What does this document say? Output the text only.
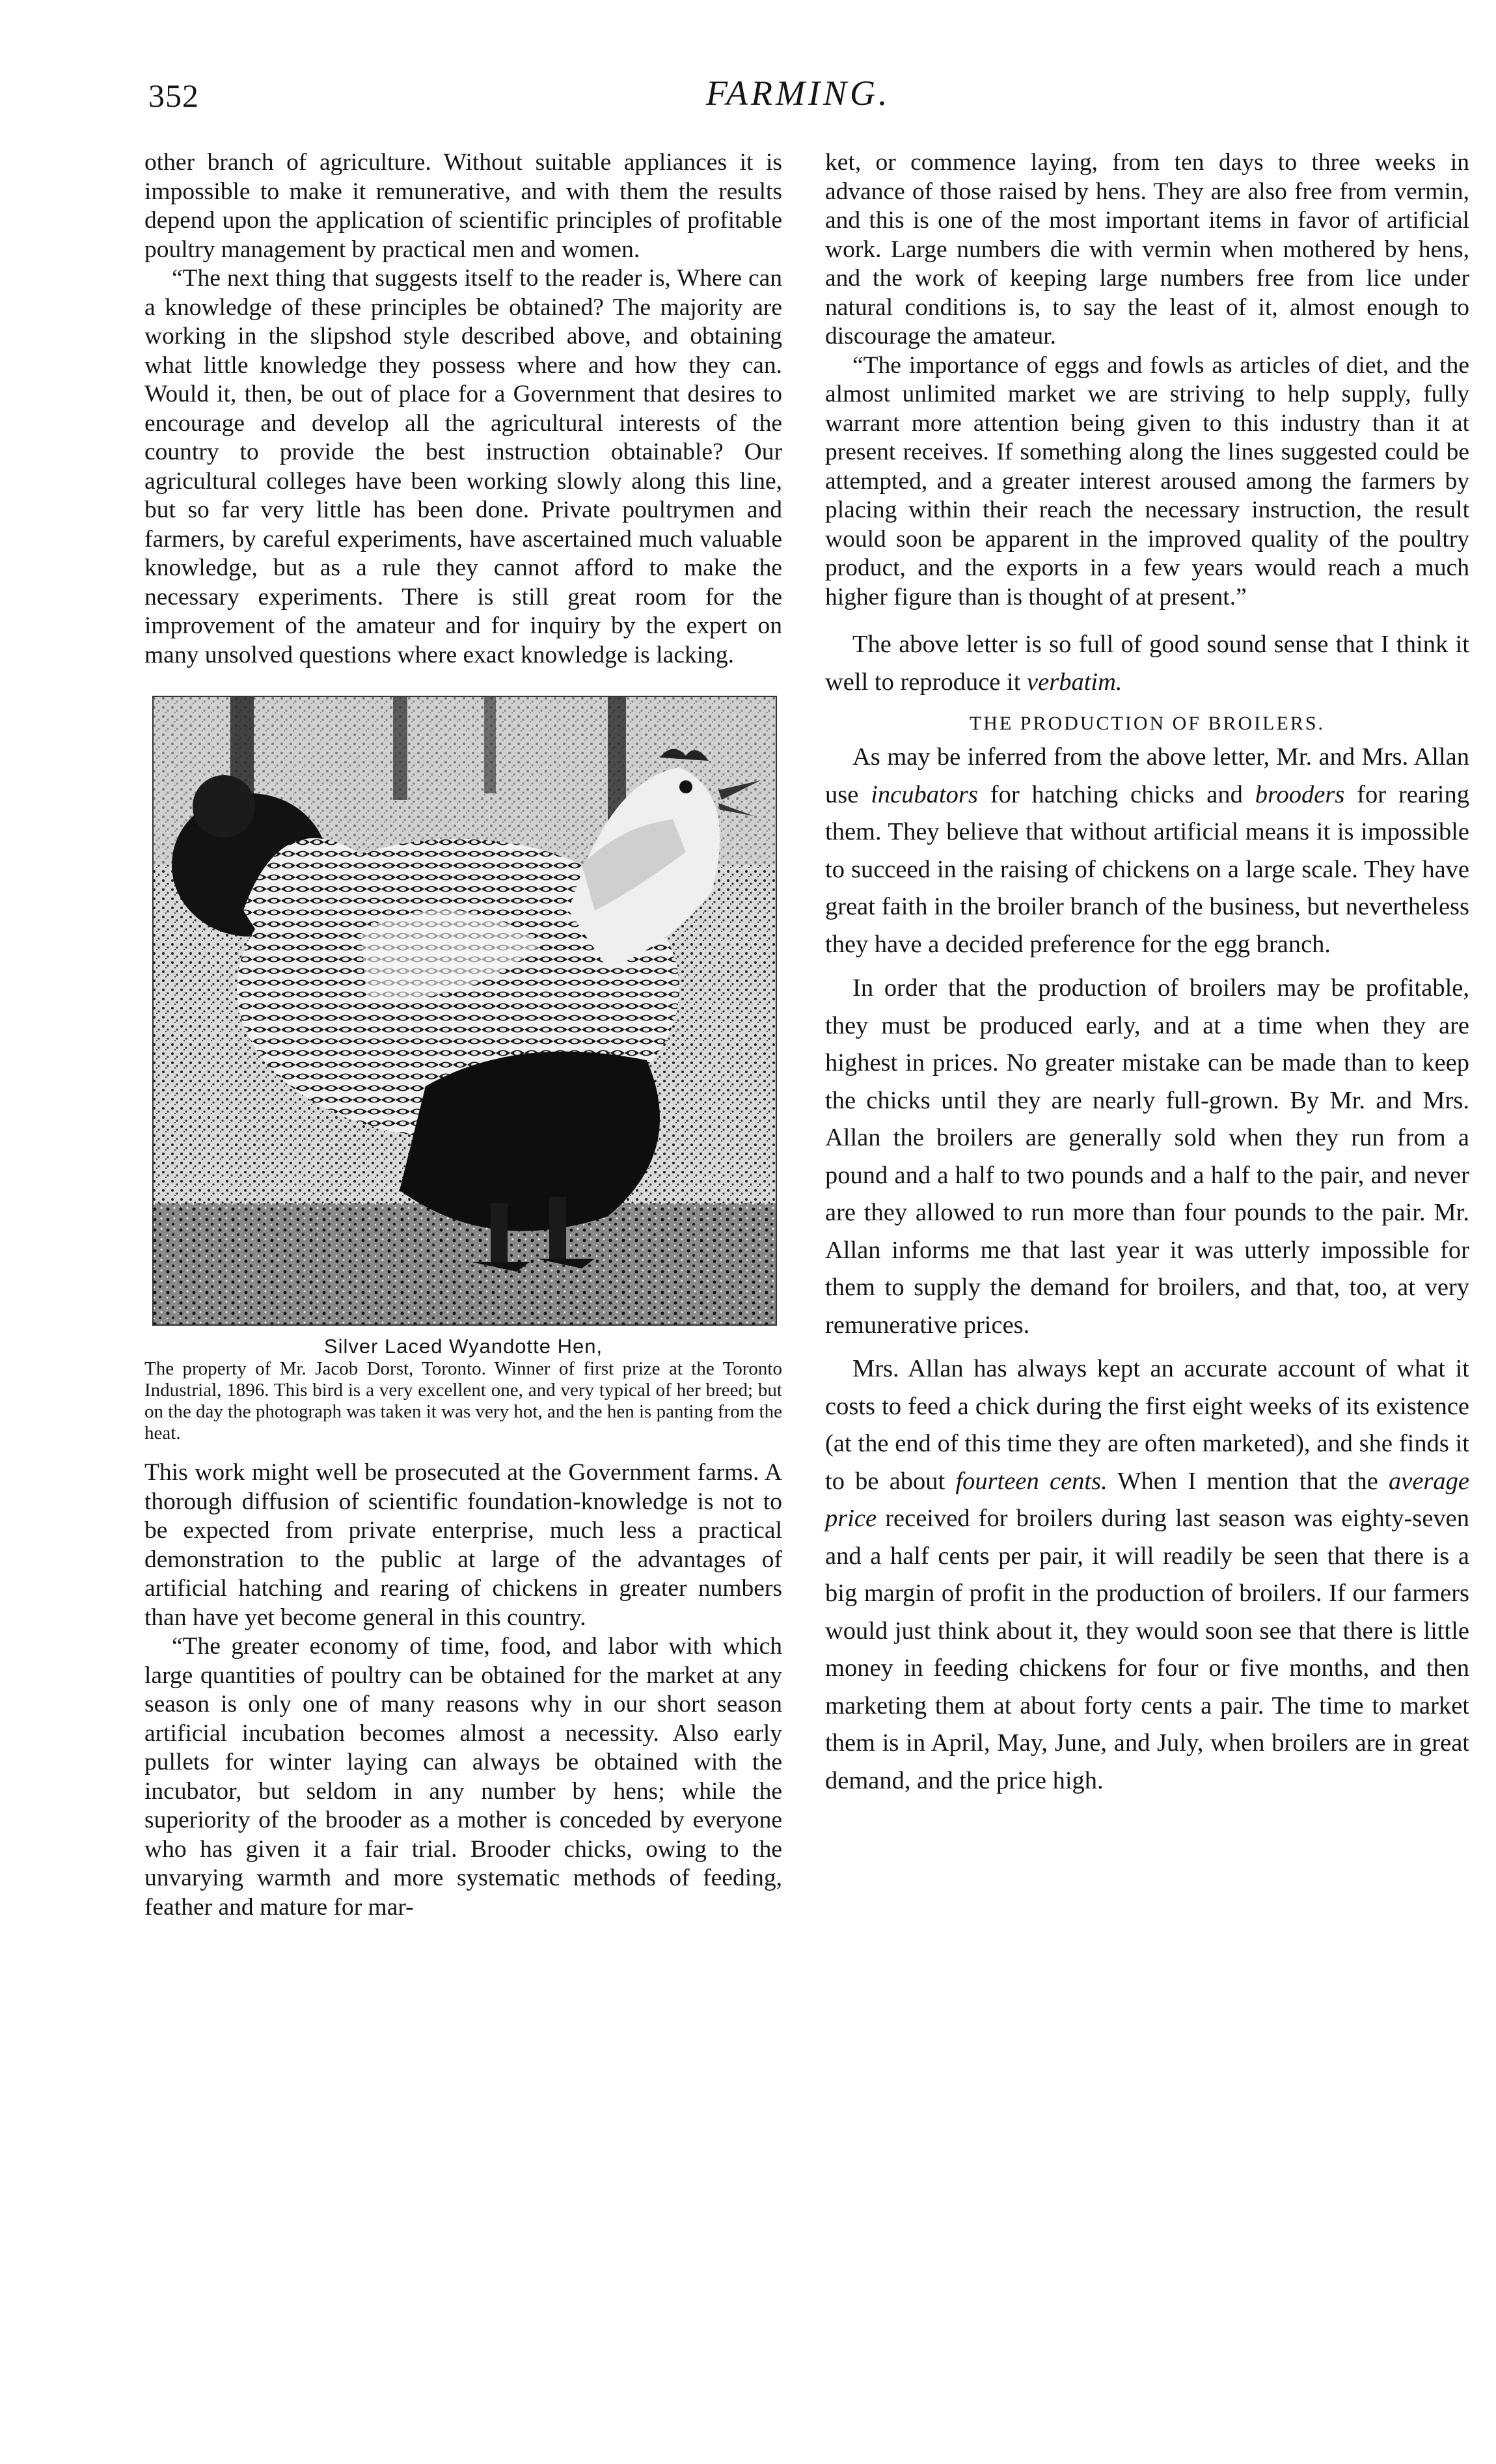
352	FARMING.

other branch of agriculture. Without suitable appliances it is impossible to make it remunerative, and with them the results depend upon the application of scientific principles of profitable poultry management by practical men and women.

“The next thing that suggests itself to the reader is, Where can a knowledge of these principles be obtained? The majority are working in the slipshod style described above, and obtaining what little knowledge they possess where and how they can. Would it, then, be out of place for a Government that desires to encourage and develop all the agricultural interests of the country to provide the best instruction obtainable? Our agricultural colleges have been working slowly along this line, but so far very little has been done. Private poultrymen and farmers, by careful experiments, have ascertained much valuable knowledge, but as a rule they cannot afford to make the necessary experiments. There is still great room for the improvement of the amateur and for inquiry by the expert on many unsolved questions where exact knowledge is lacking.

Silver Laced Wyandotte Hen,

The property of Mr. Jacob Dorst, Toronto. Winner of first prize at the Toronto Industrial, 1896. This bird is a very excellent one, and very typical of her breed; but on the day the photograph was taken it was very hot, and the hen is panting from the heat.

This work might well be prosecuted at the Government farms. A thorough diffusion of scientific foundation-knowledge is not to be expected from private enterprise, much less a practical demonstration to the public at large of the advantages of artificial hatching and rearing of chickens in greater numbers than have yet become general in this country.

“The greater economy of time, food, and labor with which large quantities of poultry can be obtained for the market at any season is only one of many reasons why in our short season artificial incubation becomes almost a necessity. Also early pullets for winter laying can always be obtained with the incubator, but seldom in any number by hens; while the superiority of the brooder as a mother is conceded by everyone who has given it a fair trial. Brooder chicks, owing to the unvarying warmth and more systematic methods of feeding, feather and mature for mar-

ket, or commence laying, from ten days to three weeks in advance of those raised by hens. They are also free from vermin, and this is one of the most important items in favor of artificial work. Large numbers die with vermin when mothered by hens, and the work of keeping large numbers free from lice under natural conditions is, to say the least of it, almost enough to discourage the amateur.

“The importance of eggs and fowls as articles of diet, and the almost unlimited market we are striving to help supply, fully warrant more attention being given to this industry than it at present receives. If something along the lines suggested could be attempted, and a greater interest aroused among the farmers by placing within their reach the necessary instruction, the result would soon be apparent in the improved quality of the poultry product, and the exports in a few years would reach a much higher figure than is thought of at present.”

The above letter is so full of good sound sense that I think it well to reproduce it verbatim.

THE PRODUCTION OF BROILERS.

As may be inferred from the above letter, Mr. and Mrs. Allan use incubators for hatching chicks and brooders for rearing them. They believe that without artificial means it is impossible to succeed in the raising of chickens on a large scale. They have great faith in the broiler branch of the business, but nevertheless they have a decided preference for the egg branch.

In order that the production of broilers may be profitable, they must be produced early, and at a time when they are highest in prices. No greater mistake can be made than to keep the chicks until they are nearly full-grown. By Mr. and Mrs. Allan the broilers are generally sold when they run from a pound and a half to two pounds and a half to the pair, and never are they allowed to run more than four pounds to the pair. Mr. Allan informs me that last year it was utterly impossible for them to supply the demand for broilers, and that, too, at very remunerative prices.

Mrs. Allan has always kept an accurate account of what it costs to feed a chick during the first eight weeks of its existence (at the end of this time they are often marketed), and she finds it to be about fourteen cents. When I mention that the average price received for broilers during last season was eighty-seven and a half cents per pair, it will readily be seen that there is a big margin of profit in the production of broilers. If our farmers would just think about it, they would soon see that there is little money in feeding chickens for four or five months, and then marketing them at about forty cents a pair. The time to market them is in April, May, June, and July, when broilers are in great demand, and the price high.
